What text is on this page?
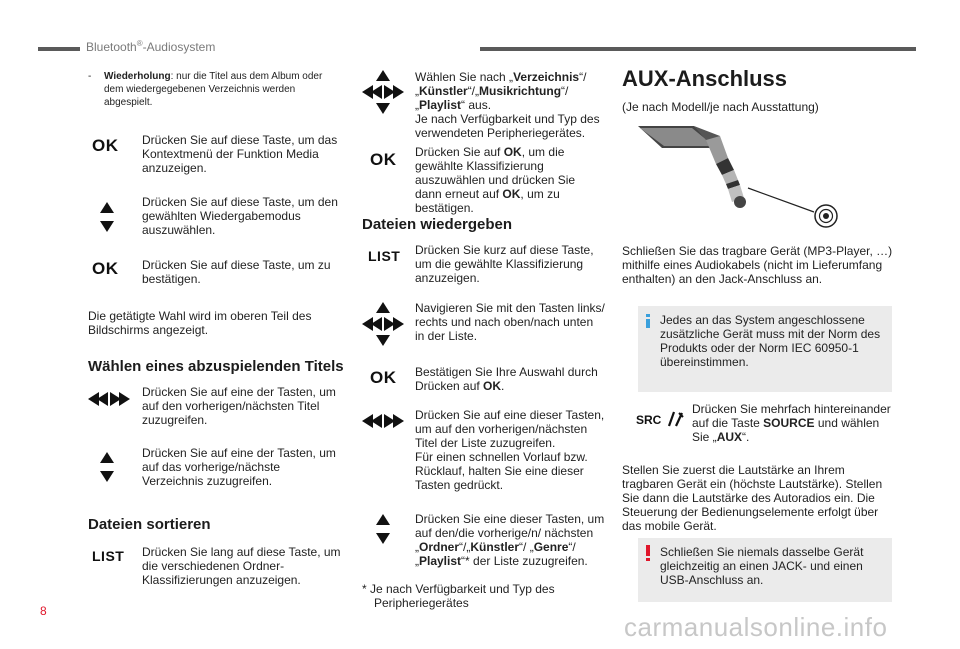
Bluetooth®-Audiosystem
-	Wiederholung: nur die Titel aus dem Album oder dem wiedergegebenen Verzeichnis werden abgespielt.
OK Drücken Sie auf diese Taste, um das Kontextmenü der Funktion Media anzuzeigen.
Drücken Sie auf diese Taste, um den gewählten Wiedergabemodus auszuwählen.
OK Drücken Sie auf diese Taste, um zu bestätigen.
Die getätigte Wahl wird im oberen Teil des Bildschirms angezeigt.
Wählen eines abzuspielenden Titels
Drücken Sie auf eine der Tasten, um auf den vorherigen/nächsten Titel zuzugreifen.
Drücken Sie auf eine der Tasten, um auf das vorherige/nächste Verzeichnis zuzugreifen.
Dateien sortieren
LIST Drücken Sie lang auf diese Taste, um die verschiedenen Ordner-Klassifizierungen anzuzeigen.
Wählen Sie nach „Verzeichnis“/ „Künstler“/„Musikrichtung“/ „Playlist“ aus.
Je nach Verfügbarkeit und Typ des verwendeten Peripheriegerätes.
OK Drücken Sie auf OK, um die gewählte Klassifizierung auszuwählen und drücken Sie dann erneut auf OK, um zu bestätigen.
Dateien wiedergeben
LIST Drücken Sie kurz auf diese Taste, um die gewählte Klassifizierung anzuzeigen.
Navigieren Sie mit den Tasten links/ rechts und nach oben/nach unten in der Liste.
OK Bestätigen Sie Ihre Auswahl durch Drücken auf OK.
Drücken Sie auf eine dieser Tasten, um auf den vorherigen/nächsten Titel der Liste zuzugreifen.
Für einen schnellen Vorlauf bzw. Rücklauf, halten Sie eine dieser Tasten gedrückt.
Drücken Sie eine dieser Tasten, um auf den/die vorherige/n/ nächsten „Ordner“/„Künstler“/ „Genre“/„Playlist“* der Liste zuzugreifen.
* Je nach Verfügbarkeit und Typ des Peripheriegerätes
AUX-Anschluss
(Je nach Modell/je nach Ausstattung)
Schließen Sie das tragbare Gerät (MP3-Player, …) mithilfe eines Audiokabels (nicht im Lieferumfang enthalten) an den Jack-Anschluss an.
Jedes an das System angeschlossene zusätzliche Gerät muss mit der Norm des Produkts oder der Norm IEC 60950-1 übereinstimmen.
SRC
Drücken Sie mehrfach hintereinander auf die Taste SOURCE und wählen Sie „AUX“.
Stellen Sie zuerst die Lautstärke an Ihrem tragbaren Gerät ein (höchste Lautstärke). Stellen Sie dann die Lautstärke des Autoradios ein. Die Steuerung der Bedienungselemente erfolgt über das mobile Gerät.
Schließen Sie niemals dasselbe Gerät gleichzeitig an einen JACK- und einen USB-Anschluss an.
8
carmanualsonline.info
